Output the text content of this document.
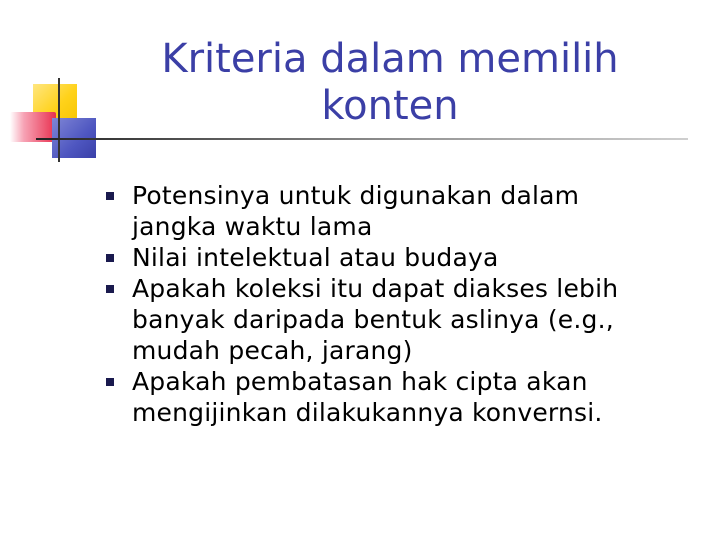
Kriteria dalam memilih
konten
Potensinya untuk digunakan dalam jangka waktu lama
Nilai intelektual atau budaya
Apakah koleksi itu dapat diakses lebih banyak daripada bentuk aslinya (e.g., mudah pecah, jarang)
Apakah pembatasan hak cipta akan mengijinkan dilakukannya konvernsi.
